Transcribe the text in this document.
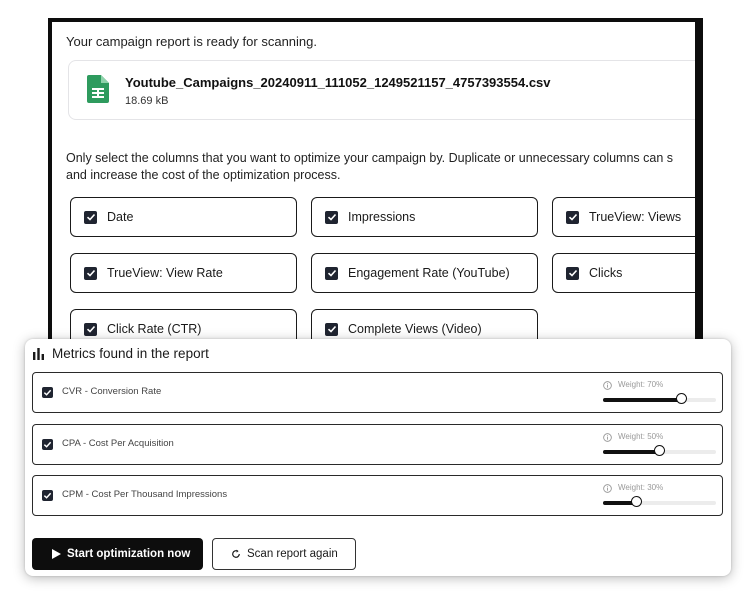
Your campaign report is ready for scanning.
Youtube_Campaigns_20240911_111052_1249521157_4757393554.csv
18.69 kB
Only select the columns that you want to optimize your campaign by. Duplicate or unnecessary columns can s
and increase the cost of the optimization process.
Date	Impressions	TrueView: Views
TrueView: View Rate	Engagement Rate (YouTube)	Clicks
Click Rate (CTR)	Complete Views (Video)
Metrics found in the report
CVR - Conversion Rate
Weight: 70%
CPA - Cost Per Acquisition
Weight: 50%
CPM - Cost Per Thousand Impressions
Weight: 30%
Start optimization now	Scan report again
